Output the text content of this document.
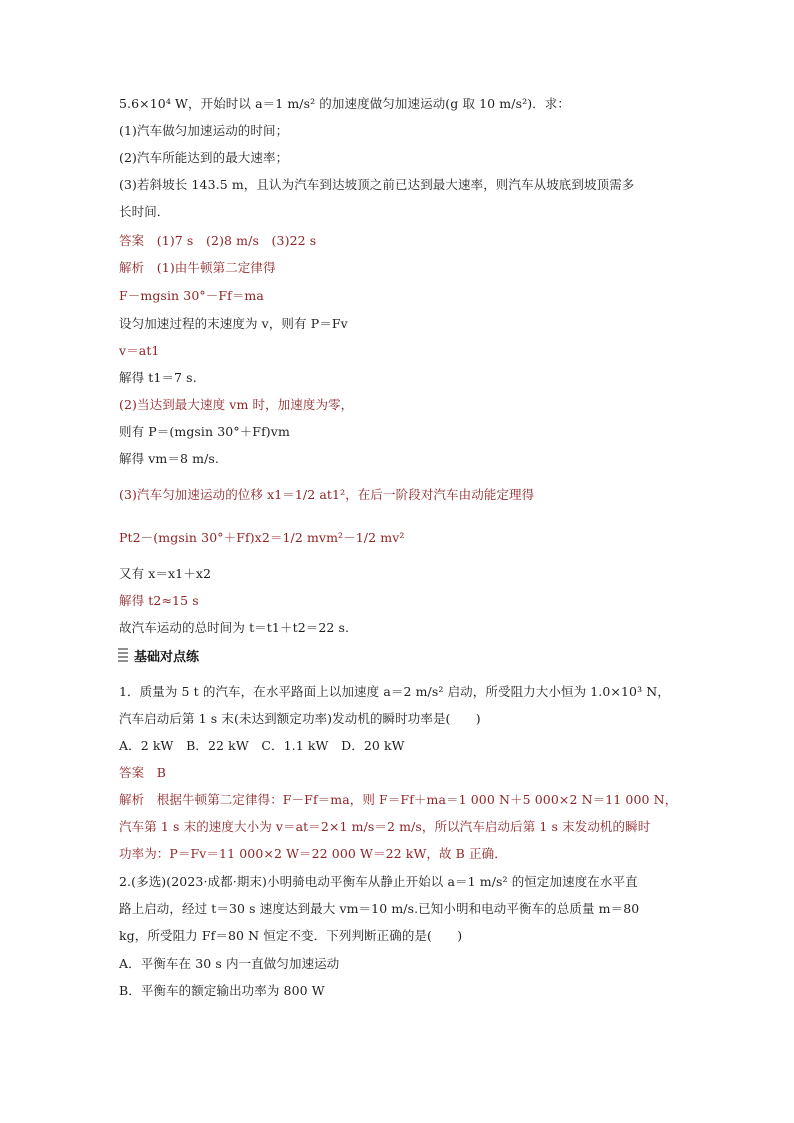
5.6×10⁴ W，开始时以 a＝1 m/s² 的加速度做匀加速运动(g 取 10 m/s²)．求：
(1)汽车做匀加速运动的时间；
(2)汽车所能达到的最大速率；
(3)若斜坡长 143.5 m，且认为汽车到达坡顶之前已达到最大速率，则汽车从坡底到坡顶需多
长时间．
答案　(1)7 s　(2)8 m/s　(3)22 s
解析　(1)由牛顿第二定律得
F－mgsin 30°－Ff＝ma
设匀加速过程的末速度为 v，则有 P＝Fv
v＝at1
解得 t1＝7 s.
(2)当达到最大速度 vm 时，加速度为零，
则有 P＝(mgsin 30°＋Ff)vm
解得 vm＝8 m/s.
(3)汽车匀加速运动的位移 x1＝1/2 at1²，在后一阶段对汽车由动能定理得
Pt2－(mgsin 30°＋Ff)x2＝1/2 mvm²－1/2 mv²
又有 x＝x1＋x2
解得 t2≈15 s
故汽车运动的总时间为 t＝t1＋t2＝22 s.
基础对点练
1．质量为 5 t 的汽车，在水平路面上以加速度 a＝2 m/s² 启动，所受阻力大小恒为 1.0×10³ N，
汽车启动后第 1 s 末(未达到额定功率)发动机的瞬时功率是(　　)
A．2 kW　B．22 kW　C．1.1 kW　D．20 kW
答案　B
解析　根据牛顿第二定律得：F－Ff＝ma，则 F＝Ff＋ma＝1 000 N＋5 000×2 N＝11 000 N，
汽车第 1 s 末的速度大小为 v＝at＝2×1 m/s＝2 m/s，所以汽车启动后第 1 s 末发动机的瞬时
功率为：P＝Fv＝11 000×2 W＝22 000 W＝22 kW，故 B 正确．
2.(多选)(2023·成都·期末)小明骑电动平衡车从静止开始以 a＝1 m/s² 的恒定加速度在水平直
路上启动，经过 t＝30 s 速度达到最大 vm＝10 m/s.已知小明和电动平衡车的总质量 m＝80
kg，所受阻力 Ff＝80 N 恒定不变．下列判断正确的是(　　)
A．平衡车在 30 s 内一直做匀加速运动
B．平衡车的额定输出功率为 800 W
